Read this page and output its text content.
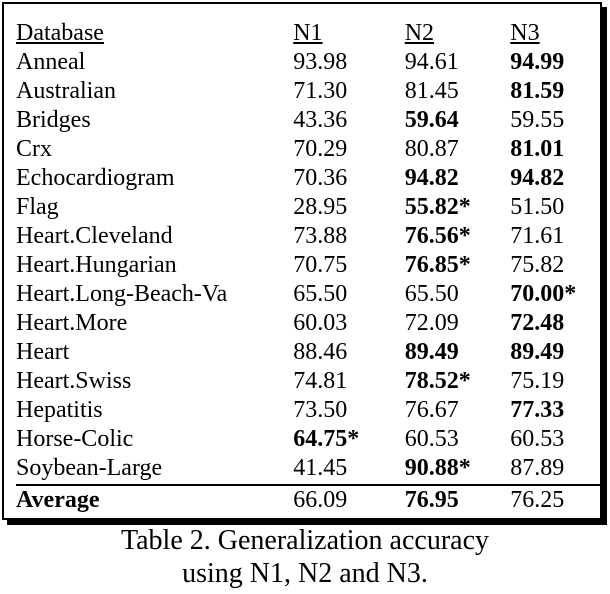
Database	N1	N2	N3
Anneal	93.98	94.61	94.99
Australian	71.30	81.45	81.59
Bridges	43.36	59.64	59.55
Crx	70.29	80.87	81.01
Echocardiogram	70.36	94.82	94.82
Flag	28.95	55.82*	51.50
Heart.Cleveland	73.88	76.56*	71.61
Heart.Hungarian	70.75	76.85*	75.82
Heart.Long-Beach-Va	65.50	65.50	70.00*
Heart.More	60.03	72.09	72.48
Heart	88.46	89.49	89.49
Heart.Swiss	74.81	78.52*	75.19
Hepatitis	73.50	76.67	77.33
Horse-Colic	64.75*	60.53	60.53
Soybean-Large	41.45	90.88*	87.89
Average	66.09	76.95	76.25
Table 2. Generalization accuracy
using N1, N2 and N3.
